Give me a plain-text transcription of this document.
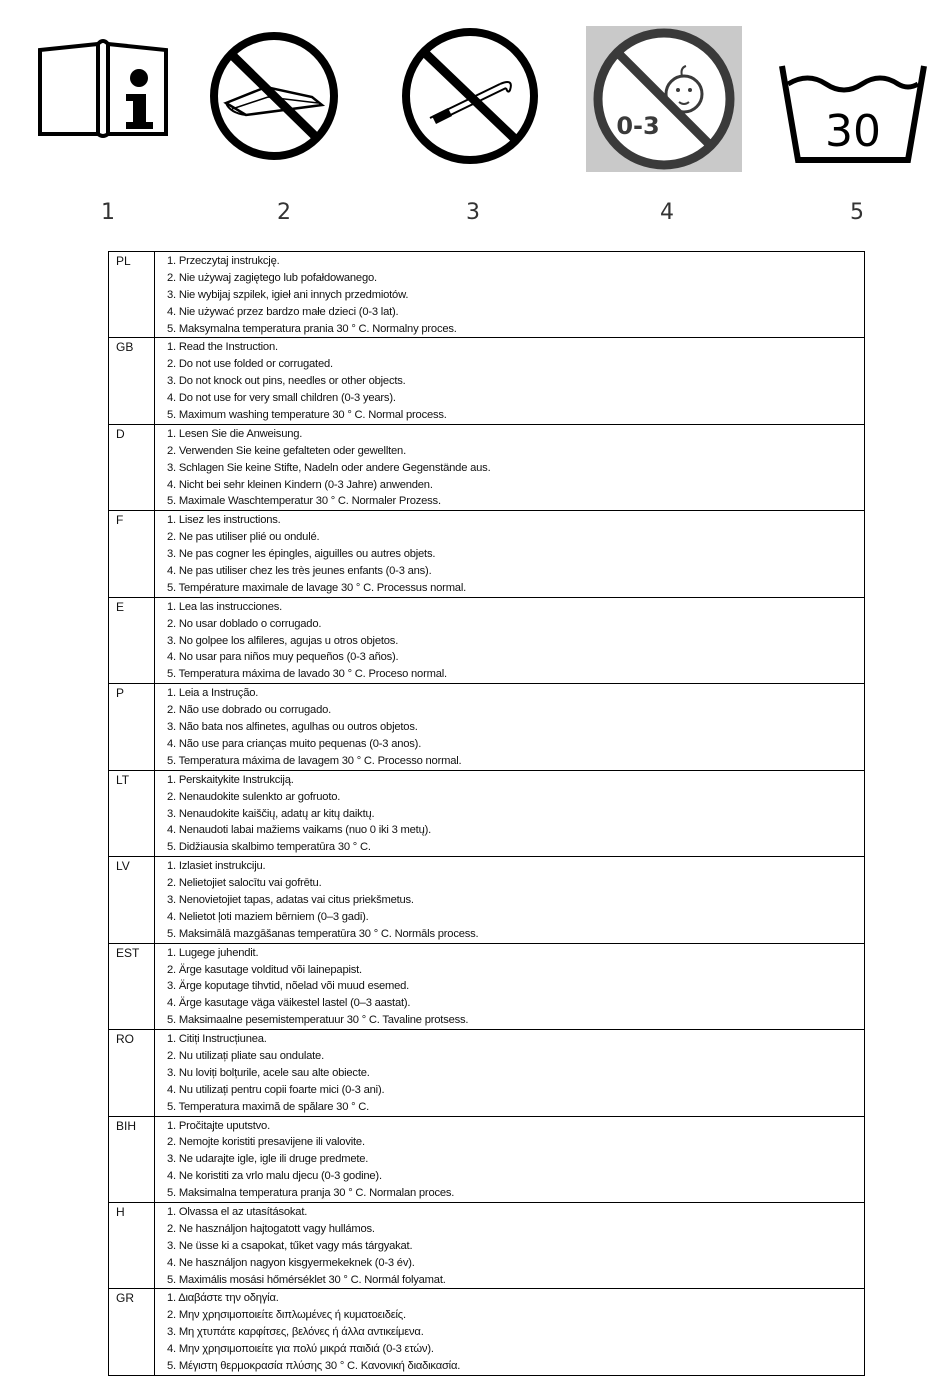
0-3	30
1	2	3	4	5
PL	1. Przeczytaj instrukcję.
2. Nie używaj zagiętego lub pofałdowanego.
3. Nie wybijaj szpilek, igieł ani innych przedmiotów.
4. Nie używać przez bardzo małe dzieci (0-3 lat).
5. Maksymalna temperatura prania 30 ° C. Normalny proces.

GB	1. Read the Instruction.
2. Do not use folded or corrugated.
3. Do not knock out pins, needles or other objects.
4. Do not use for very small children (0-3 years).
5. Maximum washing temperature 30 ° C. Normal process.

D	1. Lesen Sie die Anweisung.
2. Verwenden Sie keine gefalteten oder gewellten.
3. Schlagen Sie keine Stifte, Nadeln oder andere Gegenstände aus.
4. Nicht bei sehr kleinen Kindern (0-3 Jahre) anwenden.
5. Maximale Waschtemperatur 30 ° C. Normaler Prozess.

F	1. Lisez les instructions.
2. Ne pas utiliser plié ou ondulé.
3. Ne pas cogner les épingles, aiguilles ou autres objets.
4. Ne pas utiliser chez les très jeunes enfants (0-3 ans).
5. Température maximale de lavage 30 ° C. Processus normal.

E	1. Lea las instrucciones.
2. No usar doblado o corrugado.
3. No golpee los alfileres, agujas u otros objetos.
4. No usar para niños muy pequeños (0-3 años).
5. Temperatura máxima de lavado 30 ° C. Proceso normal.

P	1. Leia a Instrução.
2. Não use dobrado ou corrugado.
3. Não bata nos alfinetes, agulhas ou outros objetos.
4. Não use para crianças muito pequenas (0-3 anos).
5. Temperatura máxima de lavagem 30 ° C. Processo normal.

LT	1. Perskaitykite Instrukciją.
2. Nenaudokite sulenkto ar gofruoto.
3. Nenaudokite kaiščių, adatų ar kitų daiktų.
4. Nenaudoti labai mažiems vaikams (nuo 0 iki 3 metų).
5. Didžiausia skalbimo temperatūra 30 ° C.

LV	1. Izlasiet instrukciju.
2. Nelietojiet salocītu vai gofrētu.
3. Nenovietojiet tapas, adatas vai citus priekšmetus.
4. Nelietot ļoti maziem bērniem (0–3 gadi).
5. Maksimālā mazgāšanas temperatūra 30 ° C. Normāls process.

EST	1. Lugege juhendit.
2. Ärge kasutage volditud või lainepapist.
3. Ärge koputage tihvtid, nõelad või muud esemed.
4. Ärge kasutage väga väikestel lastel (0–3 aastat).
5. Maksimaalne pesemistemperatuur 30 ° C. Tavaline protsess.

RO	1. Citiți Instrucțiunea.
2. Nu utilizați pliate sau ondulate.
3. Nu loviți bolțurile, acele sau alte obiecte.
4. Nu utilizați pentru copii foarte mici (0-3 ani).
5. Temperatura maximă de spălare 30 ° C.

BIH	1. Pročitajte uputstvo.
2. Nemojte koristiti presavijene ili valovite.
3. Ne udarajte igle, igle ili druge predmete.
4. Ne koristiti za vrlo malu djecu (0-3 godine).
5. Maksimalna temperatura pranja 30 ° C. Normalan proces.

H	1. Olvassa el az utasításokat.
2. Ne használjon hajtogatott vagy hullámos.
3. Ne üsse ki a csapokat, tűket vagy más tárgyakat.
4. Ne használjon nagyon kisgyermekeknek (0-3 év).
5. Maximális mosási hőmérséklet 30 ° C. Normál folyamat.

GR	1. Διαβάστε την οδηγία.
2. Μην χρησιμοποιείτε διπλωμένες ή κυματοειδείς.
3. Μη χτυπάτε καρφίτσες, βελόνες ή άλλα αντικείμενα.
4. Μην χρησιμοποιείτε για πολύ μικρά παιδιά (0-3 ετών).
5. Μέγιστη θερμοκρασία πλύσης 30 ° C. Κανονική διαδικασία.
